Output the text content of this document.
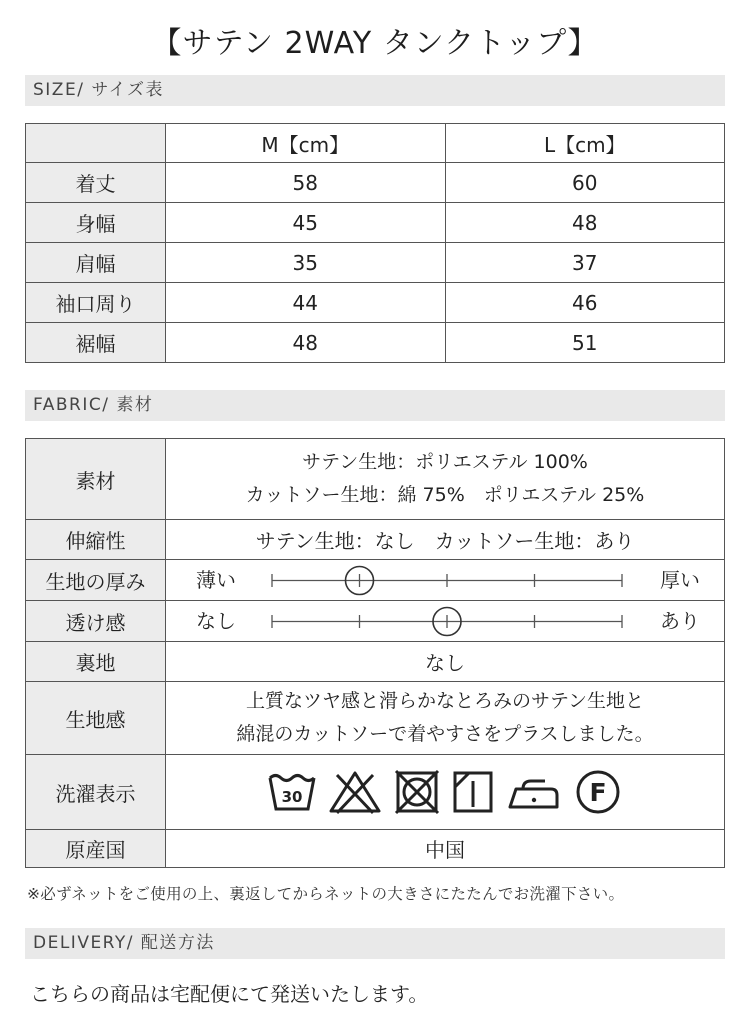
【サテン 2WAY タンクトップ】
SIZE/ サイズ表
	M【cm】	L【cm】
着丈	58	60
身幅	45	48
肩幅	35	37
袖口周り	44	46
裾幅	48	51
FABRIC/ 素材
素材	サテン生地：ポリエステル 100%
カットソー生地：綿 75%　ポリエステル 25%

伸縮性	サテン生地：なし　カットソー生地：あり
生地の厚み	薄い 厚い

透け感	なし あり

裏地	なし
生地感	上質なツヤ感と滑らかなとろみのサテン生地と
綿混のカットソーで着やすさをプラスしました。

洗濯表示	30 F

原産国	中国
※必ずネットをご使用の上、裏返してからネットの大きさにたたんでお洗濯下さい。
DELIVERY/ 配送方法
こちらの商品は宅配便にて発送いたします。
